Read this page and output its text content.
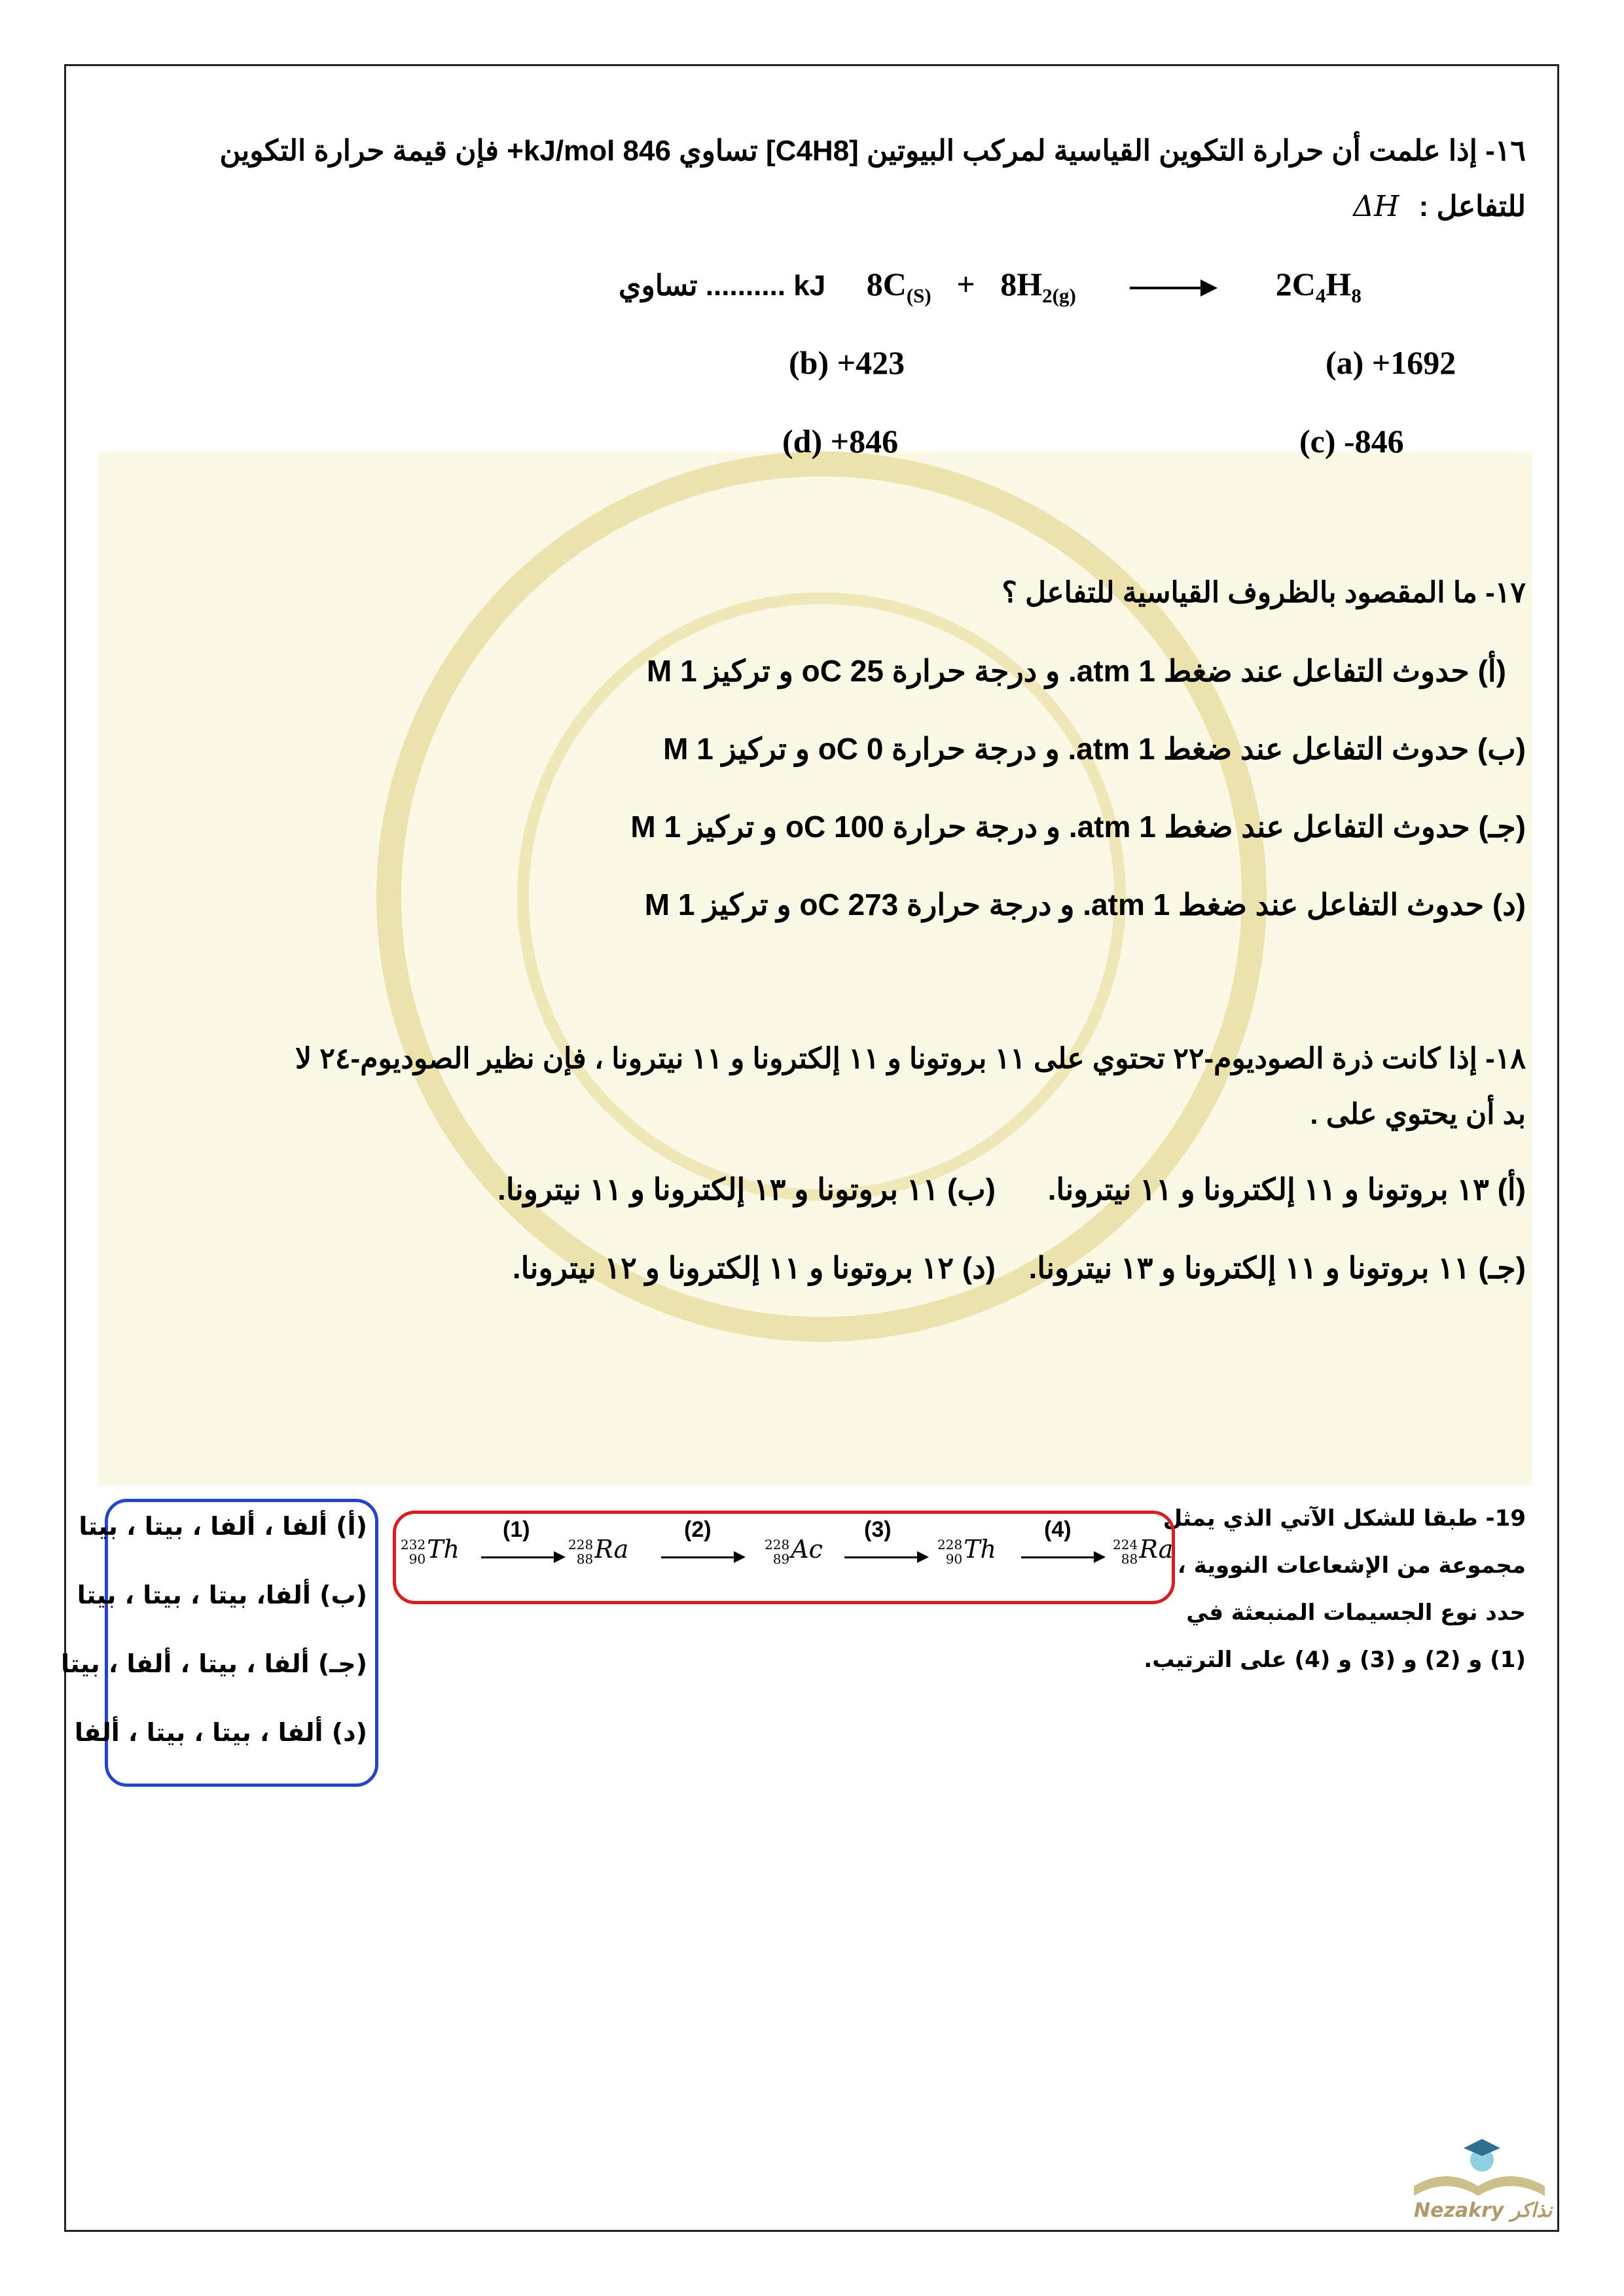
١٦- إذا علمت أن حرارة التكوين القياسية لمركب البيوتين [C4H8] تساوي 846 kJ/mol+ فإن قيمة حرارة التكوين
للتفاعل : ΔH
تساوي .......... kJ $8C_{(S)} + 8H_{2(g)}$	$2C_4H_8$
(a) +1692
(b) +423
(c) -846
(d) +846
١٧- ما المقصود بالظروف القياسية للتفاعل ؟
(أ) حدوث التفاعل عند ضغط 1 atm. و درجة حرارة 25 oC و تركيز 1 M
(ب) حدوث التفاعل عند ضغط 1 atm. و درجة حرارة 0 oC و تركيز 1 M
(جـ) حدوث التفاعل عند ضغط 1 atm. و درجة حرارة 100 oC و تركيز 1 M
(د) حدوث التفاعل عند ضغط 1 atm. و درجة حرارة 273 oC و تركيز 1 M
١٨- إذا كانت ذرة الصوديوم-٢٢ تحتوي على ١١ بروتونا و ١١ إلكترونا و ١١ نيترونا ، فإن نظير الصوديوم-٢٤ لا
بد أن يحتوي على .
(أ) ١٣ بروتونا و ١١ إلكترونا و ١١ نيترونا.
(ب) ١١ بروتونا و ١٣ إلكترونا و ١١ نيترونا.
(جـ) ١١ بروتونا و ١١ إلكترونا و ١٣ نيترونا.
(د) ١٢ بروتونا و ١١ إلكترونا و ١٢ نيترونا.
19- طبقا للشكل الآتي الذي يمثل
مجموعة من الإشعاعات النووية ،
حدد نوع الجسيمات المنبعثة في
(1) و (2) و (3) و (4) على الترتيب.
232
90Th	228
88Ra	228
89Ac	228
90Th	224
88Ra
(1)	(2)	(3)	(4)
(أ) ألفا ، ألفا ، بيتا ، بيتا
(ب) ألفا، بيتا ، بيتا ، بيتا
(جـ) ألفا ، بيتا ، ألفا ، بيتا
(د) ألفا ، بيتا ، بيتا ، ألفا
Nezakry نذاكر
